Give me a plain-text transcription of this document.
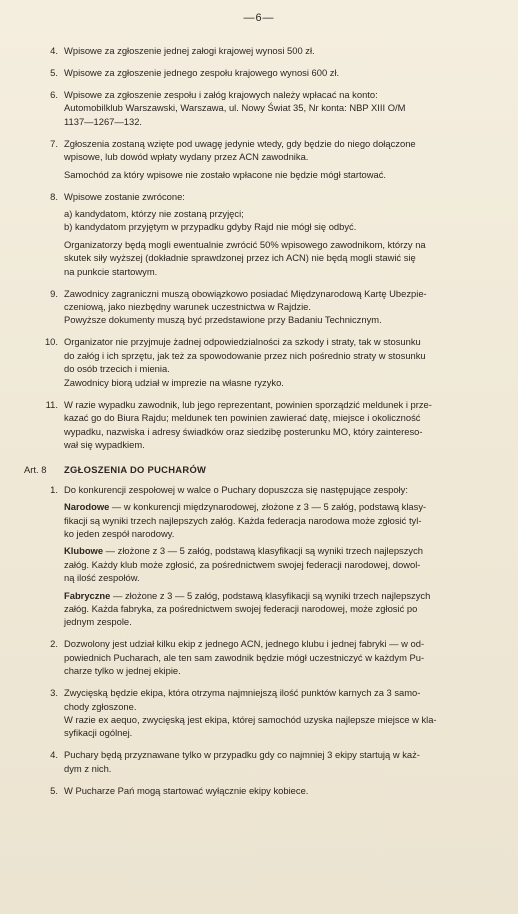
—6—
4. Wpisowe za zgłoszenie jednej załogi krajowej wynosi 500 zł.
5. Wpisowe za zgłoszenie jednego zespołu krajowego wynosi 600 zł.
6. Wpisowe za zgłoszenie zespołu i załóg krajowych należy wpłacać na konto:
Automobilklub Warszawski, Warszawa, ul. Nowy Świat 35, Nr konta: NBP XIII O/M
1137—1267—132.
7. Zgłoszenia zostaną wzięte pod uwagę jedynie wtedy, gdy będzie do niego dołączone
wpisowe, lub dowód wpłaty wydany przez ACN zawodnika.
Samochód za który wpisowe nie zostało wpłacone nie będzie mógł startować.
8. Wpisowe zostanie zwrócone:
a) kandydatom, którzy nie zostaną przyjęci;
b) kandydatom przyjętym w przypadku gdyby Rajd nie mógł się odbyć.
Organizatorzy będą mogli ewentualnie zwrócić 50% wpisowego zawodnikom, którzy na
skutek siły wyższej (dokładnie sprawdzonej przez ich ACN) nie będą mogli stawić się
na punkcie startowym.
9. Zawodnicy zagraniczni muszą obowiązkowo posiadać Międzynarodową Kartę Ubezpie-
czeniową, jako niezbędny warunek uczestnictwa w Rajdzie.
Powyższe dokumenty muszą być przedstawione przy Badaniu Technicznym.
10. Organizator nie przyjmuje żadnej odpowiedzialności za szkody i straty, tak w stosunku
do załóg i ich sprzętu, jak też za spowodowanie przez nich pośrednio straty w stosunku
do osób trzecich i mienia.
Zawodnicy biorą udział w imprezie na własne ryzyko.
11. W razie wypadku zawodnik, lub jego reprezentant, powinien sporządzić meldunek i prze-
kazać go do Biura Rajdu; meldunek ten powinien zawierać datę, miejsce i okoliczność
wypadku, nazwiska i adresy świadków oraz siedzibę posterunku MO, który zaintereso-
wał się wypadkiem.
Art. 8 ZGŁOSZENIA DO PUCHARÓW
1. Do konkurencji zespołowej w walce o Puchary dopuszcza się następujące zespoły:
Narodowe — w konkurencji międzynarodowej, złożone z 3 — 5 załóg, podstawą klasy-
fikacji są wyniki trzech najlepszych załóg. Każda federacja narodowa może zgłosić tyl-
ko jeden zespół narodowy.
Klubowe — złożone z 3 — 5 załóg, podstawą klasyfikacji są wyniki trzech najlepszych
załóg. Każdy klub może zgłosić, za pośrednictwem swojej federacji narodowej, dowol-
ną ilość zespołów.
Fabryczne — złożone z 3 — 5 załóg, podstawą klasyfikacji są wyniki trzech najlepszych
załóg. Każda fabryka, za pośrednictwem swojej federacji narodowej, może zgłosić po
jednym zespole.
2. Dozwolony jest udział kilku ekip z jednego ACN, jednego klubu i jednej fabryki — w od-
powiednich Pucharach, ale ten sam zawodnik będzie mógł uczestniczyć w każdym Pu-
charze tylko w jednej ekipie.
3. Zwycięską będzie ekipa, która otrzyma najmniejszą ilość punktów karnych za 3 samo-
chody zgłoszone.
W razie ex aequo, zwycięską jest ekipa, której samochód uzyska najlepsze miejsce w kla-
syfikacji ogólnej.
4. Puchary będą przyznawane tylko w przypadku gdy co najmniej 3 ekipy startują w każ-
dym z nich.
5. W Pucharze Pań mogą startować wyłącznie ekipy kobiece.
